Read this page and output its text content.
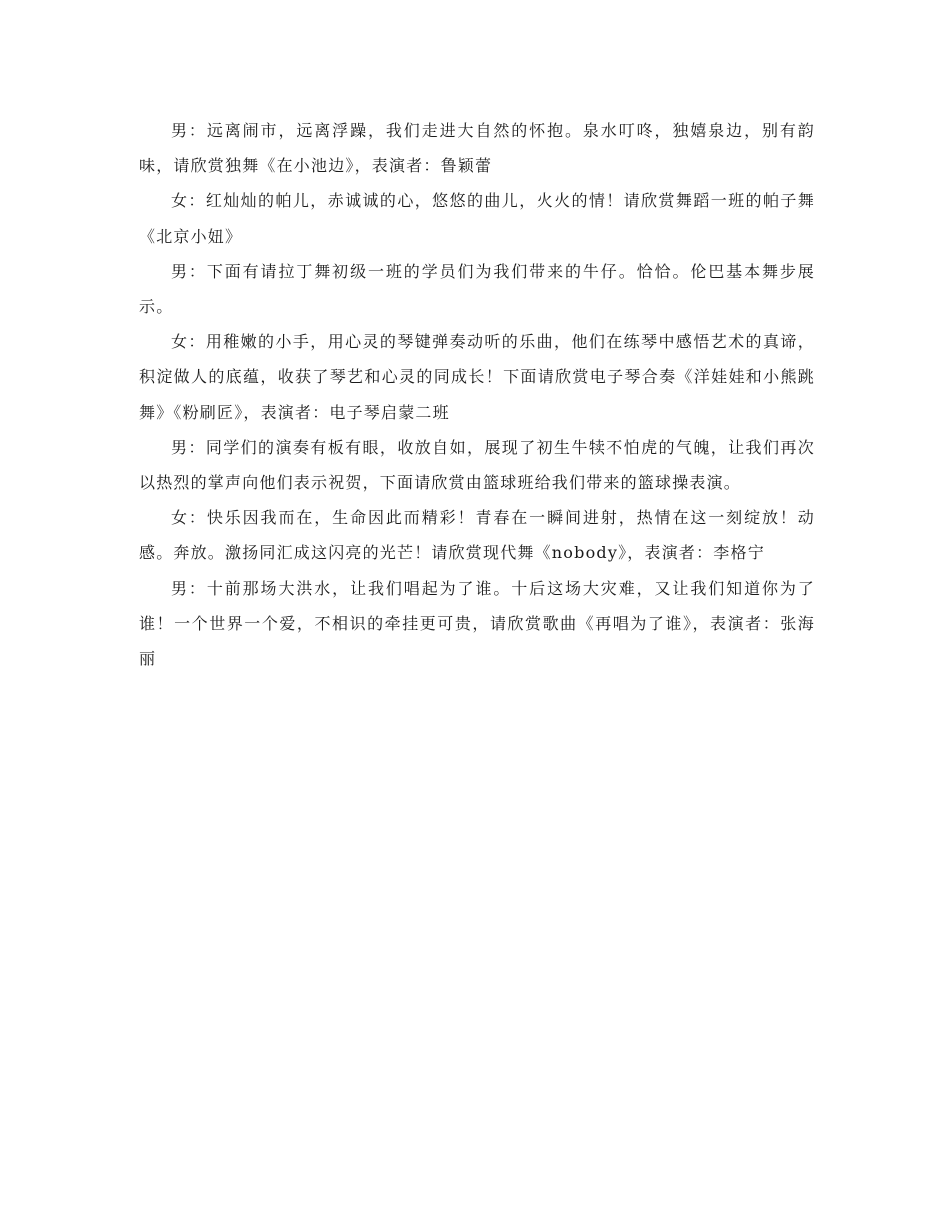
男：远离闹市，远离浮躁，我们走进大自然的怀抱。泉水叮咚，独嬉泉边，别有韵味，请欣赏独舞《在小池边》，表演者：鲁颖蕾

女：红灿灿的帕儿，赤诚诚的心，悠悠的曲儿，火火的情！请欣赏舞蹈一班的帕子舞《北京小妞》

男：下面有请拉丁舞初级一班的学员们为我们带来的牛仔。恰恰。伦巴基本舞步展示。

女：用稚嫩的小手，用心灵的琴键弹奏动听的乐曲，他们在练琴中感悟艺术的真谛，积淀做人的底蕴，收获了琴艺和心灵的同成长！下面请欣赏电子琴合奏《洋娃娃和小熊跳舞》《粉刷匠》，表演者：电子琴启蒙二班

男：同学们的演奏有板有眼，收放自如，展现了初生牛犊不怕虎的气魄，让我们再次以热烈的掌声向他们表示祝贺，下面请欣赏由篮球班给我们带来的篮球操表演。

女：快乐因我而在，生命因此而精彩！青春在一瞬间进射，热情在这一刻绽放！动感。奔放。激扬同汇成这闪亮的光芒！请欣赏现代舞《nobody》，表演者：李格宁

男：十前那场大洪水，让我们唱起为了谁。十后这场大灾难，又让我们知道你为了谁！一个世界一个爱，不相识的牵挂更可贵，请欣赏歌曲《再唱为了谁》，表演者：张海丽
